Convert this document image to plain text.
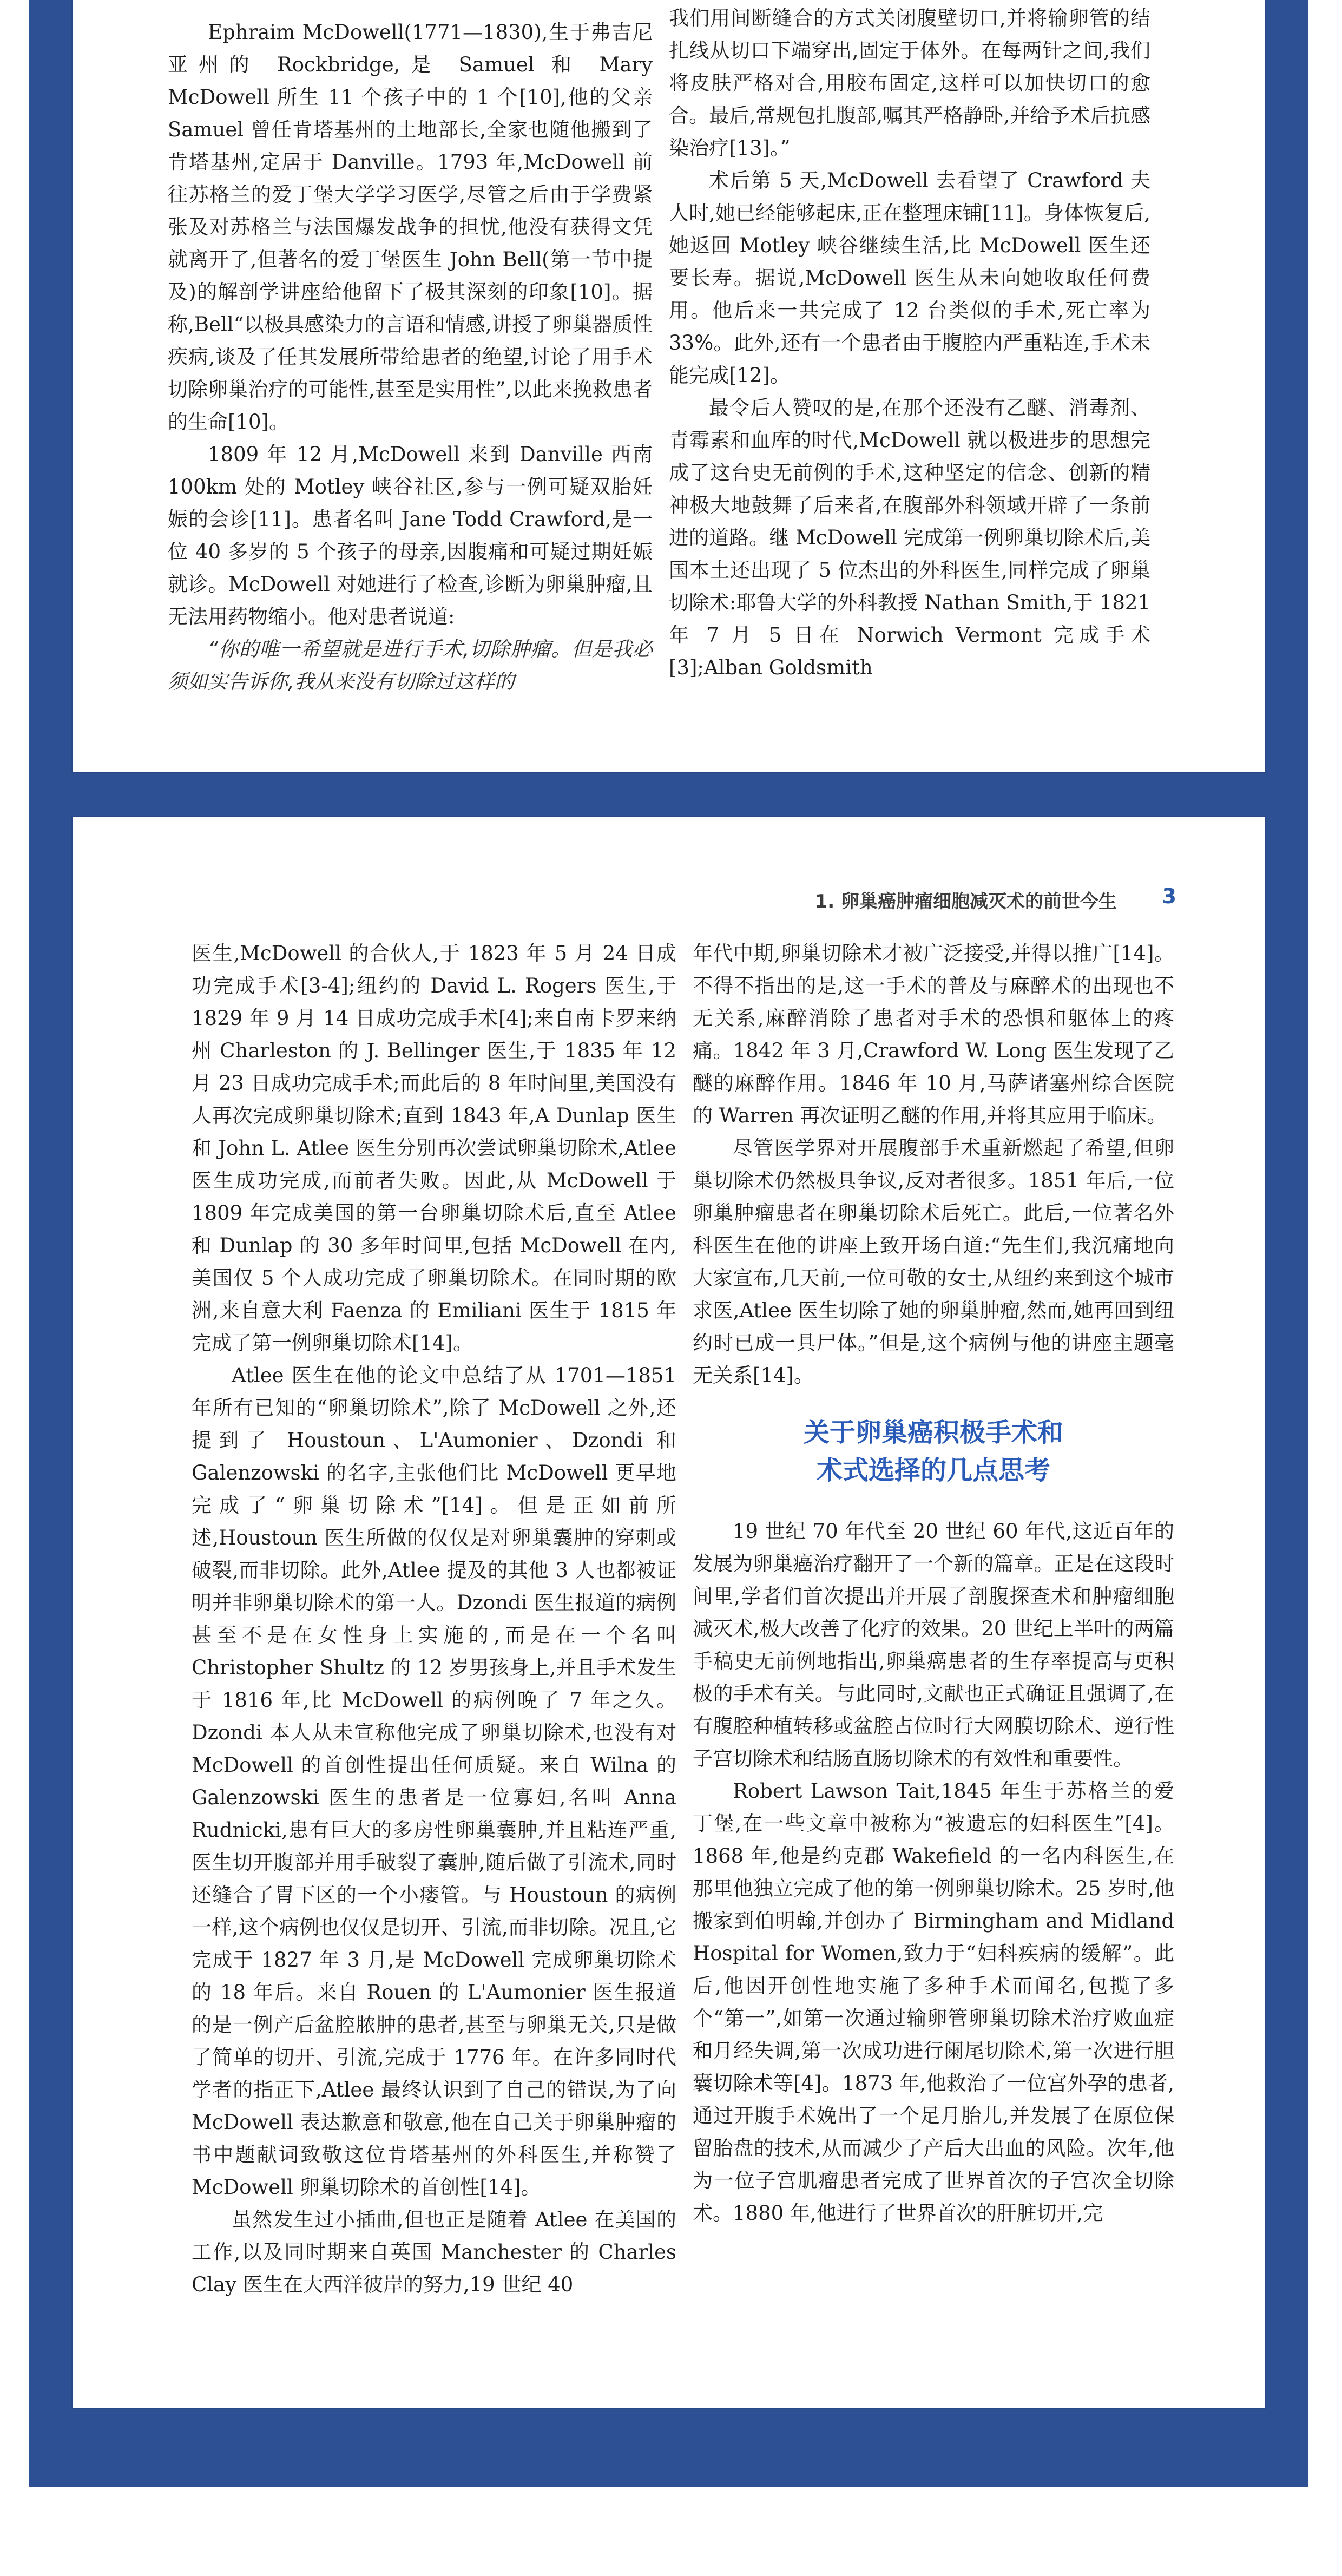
Ephraim McDowell(1771—1830),生于弗吉尼亚州的 Rockbridge,是 Samuel 和 Mary McDowell 所生 11 个孩子中的 1 个[10],他的父亲 Samuel 曾任肯塔基州的土地部长,全家也随他搬到了肯塔基州,定居于 Danville。1793 年,McDowell 前往苏格兰的爱丁堡大学学习医学,尽管之后由于学费紧张及对苏格兰与法国爆发战争的担忧,他没有获得文凭就离开了,但著名的爱丁堡医生 John Bell(第一节中提及)的解剖学讲座给他留下了极其深刻的印象[10]。据称,Bell“以极具感染力的言语和情感,讲授了卵巢器质性疾病,谈及了任其发展所带给患者的绝望,讨论了用手术切除卵巢治疗的可能性,甚至是实用性”,以此来挽救患者的生命[10]。

1809 年 12 月,McDowell 来到 Danville 西南 100km 处的 Motley 峡谷社区,参与一例可疑双胎妊娠的会诊[11]。患者名叫 Jane Todd Crawford,是一位 40 多岁的 5 个孩子的母亲,因腹痛和可疑过期妊娠就诊。McDowell 对她进行了检查,诊断为卵巢肿瘤,且无法用药物缩小。他对患者说道:

“你的唯一希望就是进行手术,切除肿瘤。但是我必须如实告诉你,我从来没有切除过这样的

我们用间断缝合的方式关闭腹壁切口,并将输卵管的结扎线从切口下端穿出,固定于体外。在每两针之间,我们将皮肤严格对合,用胶布固定,这样可以加快切口的愈合。最后,常规包扎腹部,嘱其严格静卧,并给予术后抗感染治疗[13]。”

术后第 5 天,McDowell 去看望了 Crawford 夫人时,她已经能够起床,正在整理床铺[11]。身体恢复后,她返回 Motley 峡谷继续生活,比 McDowell 医生还要长寿。据说,McDowell 医生从未向她收取任何费用。他后来一共完成了 12 台类似的手术,死亡率为 33%。此外,还有一个患者由于腹腔内严重粘连,手术未能完成[12]。

最令后人赞叹的是,在那个还没有乙醚、消毒剂、青霉素和血库的时代,McDowell 就以极进步的思想完成了这台史无前例的手术,这种坚定的信念、创新的精神极大地鼓舞了后来者,在腹部外科领域开辟了一条前进的道路。继 McDowell 完成第一例卵巢切除术后,美国本土还出现了 5 位杰出的外科医生,同样完成了卵巢切除术:耶鲁大学的外科教授 Nathan Smith,于 1821 年 7 月 5 日在 Norwich Vermont 完成手术[3];Alban Goldsmith

1. 卵巢癌肿瘤细胞减灭术的前世今生	3

医生,McDowell 的合伙人,于 1823 年 5 月 24 日成功完成手术[3-4];纽约的 David L. Rogers 医生,于 1829 年 9 月 14 日成功完成手术[4];来自南卡罗来纳州 Charleston 的 J. Bellinger 医生,于 1835 年 12 月 23 日成功完成手术;而此后的 8 年时间里,美国没有人再次完成卵巢切除术;直到 1843 年,A Dunlap 医生和 John L. Atlee 医生分别再次尝试卵巢切除术,Atlee 医生成功完成,而前者失败。因此,从 McDowell 于 1809 年完成美国的第一台卵巢切除术后,直至 Atlee 和 Dunlap 的 30 多年时间里,包括 McDowell 在内,美国仅 5 个人成功完成了卵巢切除术。在同时期的欧洲,来自意大利 Faenza 的 Emiliani 医生于 1815 年完成了第一例卵巢切除术[14]。

Atlee 医生在他的论文中总结了从 1701—1851 年所有已知的“卵巢切除术”,除了 McDowell 之外,还提到了 Houstoun、L'Aumonier、Dzondi 和 Galenzowski 的名字,主张他们比 McDowell 更早地完成了“卵巢切除术”[14]。但是正如前所述,Houstoun 医生所做的仅仅是对卵巢囊肿的穿刺或破裂,而非切除。此外,Atlee 提及的其他 3 人也都被证明并非卵巢切除术的第一人。Dzondi 医生报道的病例甚至不是在女性身上实施的,而是在一个名叫 Christopher Shultz 的 12 岁男孩身上,并且手术发生于 1816 年,比 McDowell 的病例晚了 7 年之久。Dzondi 本人从未宣称他完成了卵巢切除术,也没有对 McDowell 的首创性提出任何质疑。来自 Wilna 的 Galenzowski 医生的患者是一位寡妇,名叫 Anna Rudnicki,患有巨大的多房性卵巢囊肿,并且粘连严重,医生切开腹部并用手破裂了囊肿,随后做了引流术,同时还缝合了胃下区的一个小瘘管。与 Houstoun 的病例一样,这个病例也仅仅是切开、引流,而非切除。况且,它完成于 1827 年 3 月,是 McDowell 完成卵巢切除术的 18 年后。来自 Rouen 的 L'Aumonier 医生报道的是一例产后盆腔脓肿的患者,甚至与卵巢无关,只是做了简单的切开、引流,完成于 1776 年。在许多同时代学者的指正下,Atlee 最终认识到了自己的错误,为了向 McDowell 表达歉意和敬意,他在自己关于卵巢肿瘤的书中题献词致敬这位肯塔基州的外科医生,并称赞了 McDowell 卵巢切除术的首创性[14]。

虽然发生过小插曲,但也正是随着 Atlee 在美国的工作,以及同时期来自英国 Manchester 的 Charles Clay 医生在大西洋彼岸的努力,19 世纪 40

年代中期,卵巢切除术才被广泛接受,并得以推广[14]。不得不指出的是,这一手术的普及与麻醉术的出现也不无关系,麻醉消除了患者对手术的恐惧和躯体上的疼痛。1842 年 3 月,Crawford W. Long 医生发现了乙醚的麻醉作用。1846 年 10 月,马萨诸塞州综合医院的 Warren 再次证明乙醚的作用,并将其应用于临床。

尽管医学界对开展腹部手术重新燃起了希望,但卵巢切除术仍然极具争议,反对者很多。1851 年后,一位卵巢肿瘤患者在卵巢切除术后死亡。此后,一位著名外科医生在他的讲座上致开场白道:“先生们,我沉痛地向大家宣布,几天前,一位可敬的女士,从纽约来到这个城市求医,Atlee 医生切除了她的卵巢肿瘤,然而,她再回到纽约时已成一具尸体。”但是,这个病例与他的讲座主题毫无关系[14]。

关于卵巢癌积极手术和
术式选择的几点思考

19 世纪 70 年代至 20 世纪 60 年代,这近百年的发展为卵巢癌治疗翻开了一个新的篇章。正是在这段时间里,学者们首次提出并开展了剖腹探查术和肿瘤细胞减灭术,极大改善了化疗的效果。20 世纪上半叶的两篇手稿史无前例地指出,卵巢癌患者的生存率提高与更积极的手术有关。与此同时,文献也正式确证且强调了,在有腹腔种植转移或盆腔占位时行大网膜切除术、逆行性子宫切除术和结肠直肠切除术的有效性和重要性。

Robert Lawson Tait,1845 年生于苏格兰的爱丁堡,在一些文章中被称为“被遗忘的妇科医生”[4]。1868 年,他是约克郡 Wakefield 的一名内科医生,在那里他独立完成了他的第一例卵巢切除术。25 岁时,他搬家到伯明翰,并创办了 Birmingham and Midland Hospital for Women,致力于“妇科疾病的缓解”。此后,他因开创性地实施了多种手术而闻名,包揽了多个“第一”,如第一次通过输卵管卵巢切除术治疗败血症和月经失调,第一次成功进行阑尾切除术,第一次进行胆囊切除术等[4]。1873 年,他救治了一位宫外孕的患者,通过开腹手术娩出了一个足月胎儿,并发展了在原位保留胎盘的技术,从而减少了产后大出血的风险。次年,他为一位子宫肌瘤患者完成了世界首次的子宫次全切除术。1880 年,他进行了世界首次的肝脏切开,完
